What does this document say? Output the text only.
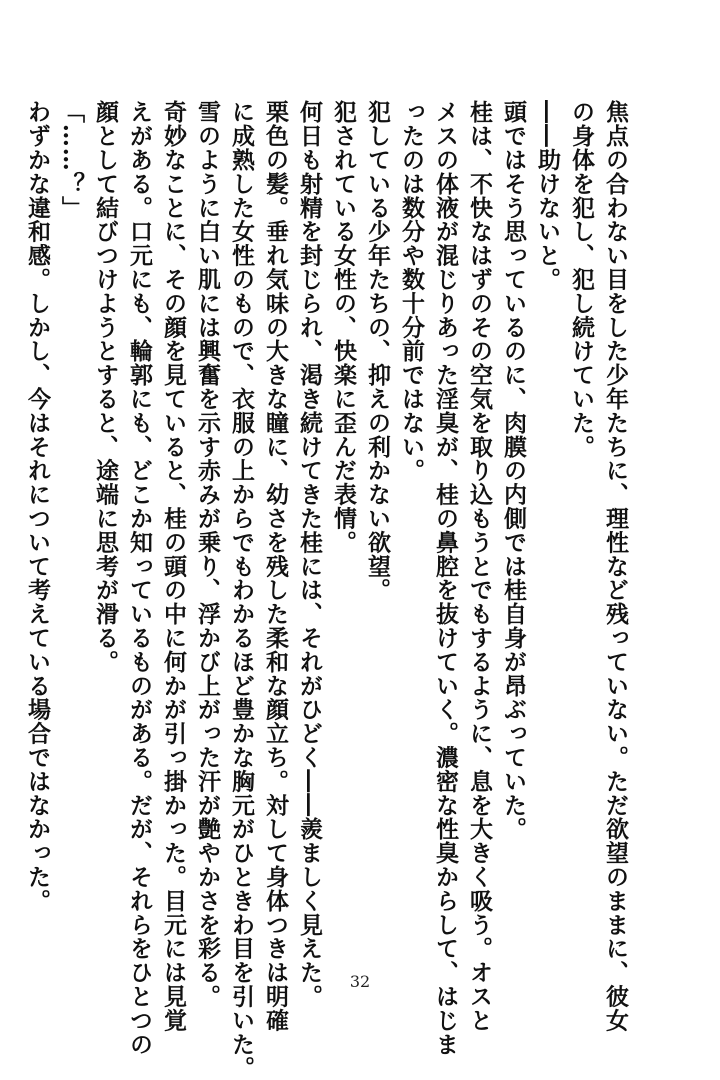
焦点の合わない目をした少年たちに、理性など残っていない。ただ欲望のままに、彼女
の身体を犯し、犯し続けていた。
――助けないと。
頭ではそう思っているのに、肉膜の内側では桂自身が昂ぶっていた。
桂は、不快なはずのその空気を取り込もうとでもするように、息を大きく吸う。オスと
メスの体液が混じりあった淫臭が、桂の鼻腔を抜けていく。濃密な性臭からして、はじま
ったのは数分や数十分前ではない。
犯している少年たちの、抑えの利かない欲望。
犯されている女性の、快楽に歪んだ表情。
何日も射精を封じられ、渇き続けてきた桂には、それがひどく――羨ましく見えた。
栗色の髪。垂れ気味の大きな瞳に、幼さを残した柔和な顔立ち。対して身体つきは明確
に成熟した女性のもので、衣服の上からでもわかるほど豊かな胸元がひときわ目を引いた。
雪のように白い肌には興奮を示す赤みが乗り、浮かび上がった汗が艶やかさを彩る。
奇妙なことに、その顔を見ていると、桂の頭の中に何かが引っ掛かった。目元には見覚
えがある。口元にも、輪郭にも、どこか知っているものがある。だが、それらをひとつの
顔として結びつけようとすると、途端に思考が滑る。
「……？」
わずかな違和感。しかし、今はそれについて考えている場合ではなかった。
32
